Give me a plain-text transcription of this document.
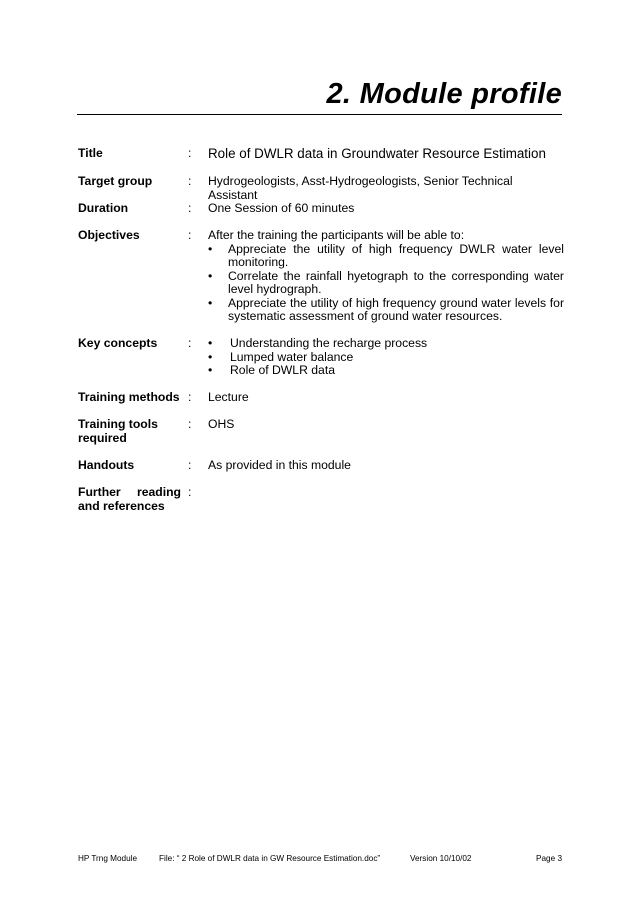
2. Module profile
Title	: Role of DWLR data in Groundwater Resource Estimation
Target group	: Hydrogeologists, Asst-Hydrogeologists, Senior Technical Assistant
Duration	: One Session of 60 minutes
Objectives	: After the training the participants will be able to:
• Appreciate the utility of high frequency DWLR water level monitoring.
• Correlate the rainfall hyetograph to the corresponding water level hydrograph.
• Appreciate the utility of high frequency ground water levels for systematic assessment of ground water resources.
Key concepts	: • Understanding the recharge process
• Lumped water balance
• Role of DWLR data
Training methods : Lecture
Training tools
required
: OHS
Handouts	: As provided in this module
Further reading
and references
:
HP Trng Module	File: “ 2 Role of DWLR data in GW Resource Estimation.doc”	Version 10/10/02	Page 3
